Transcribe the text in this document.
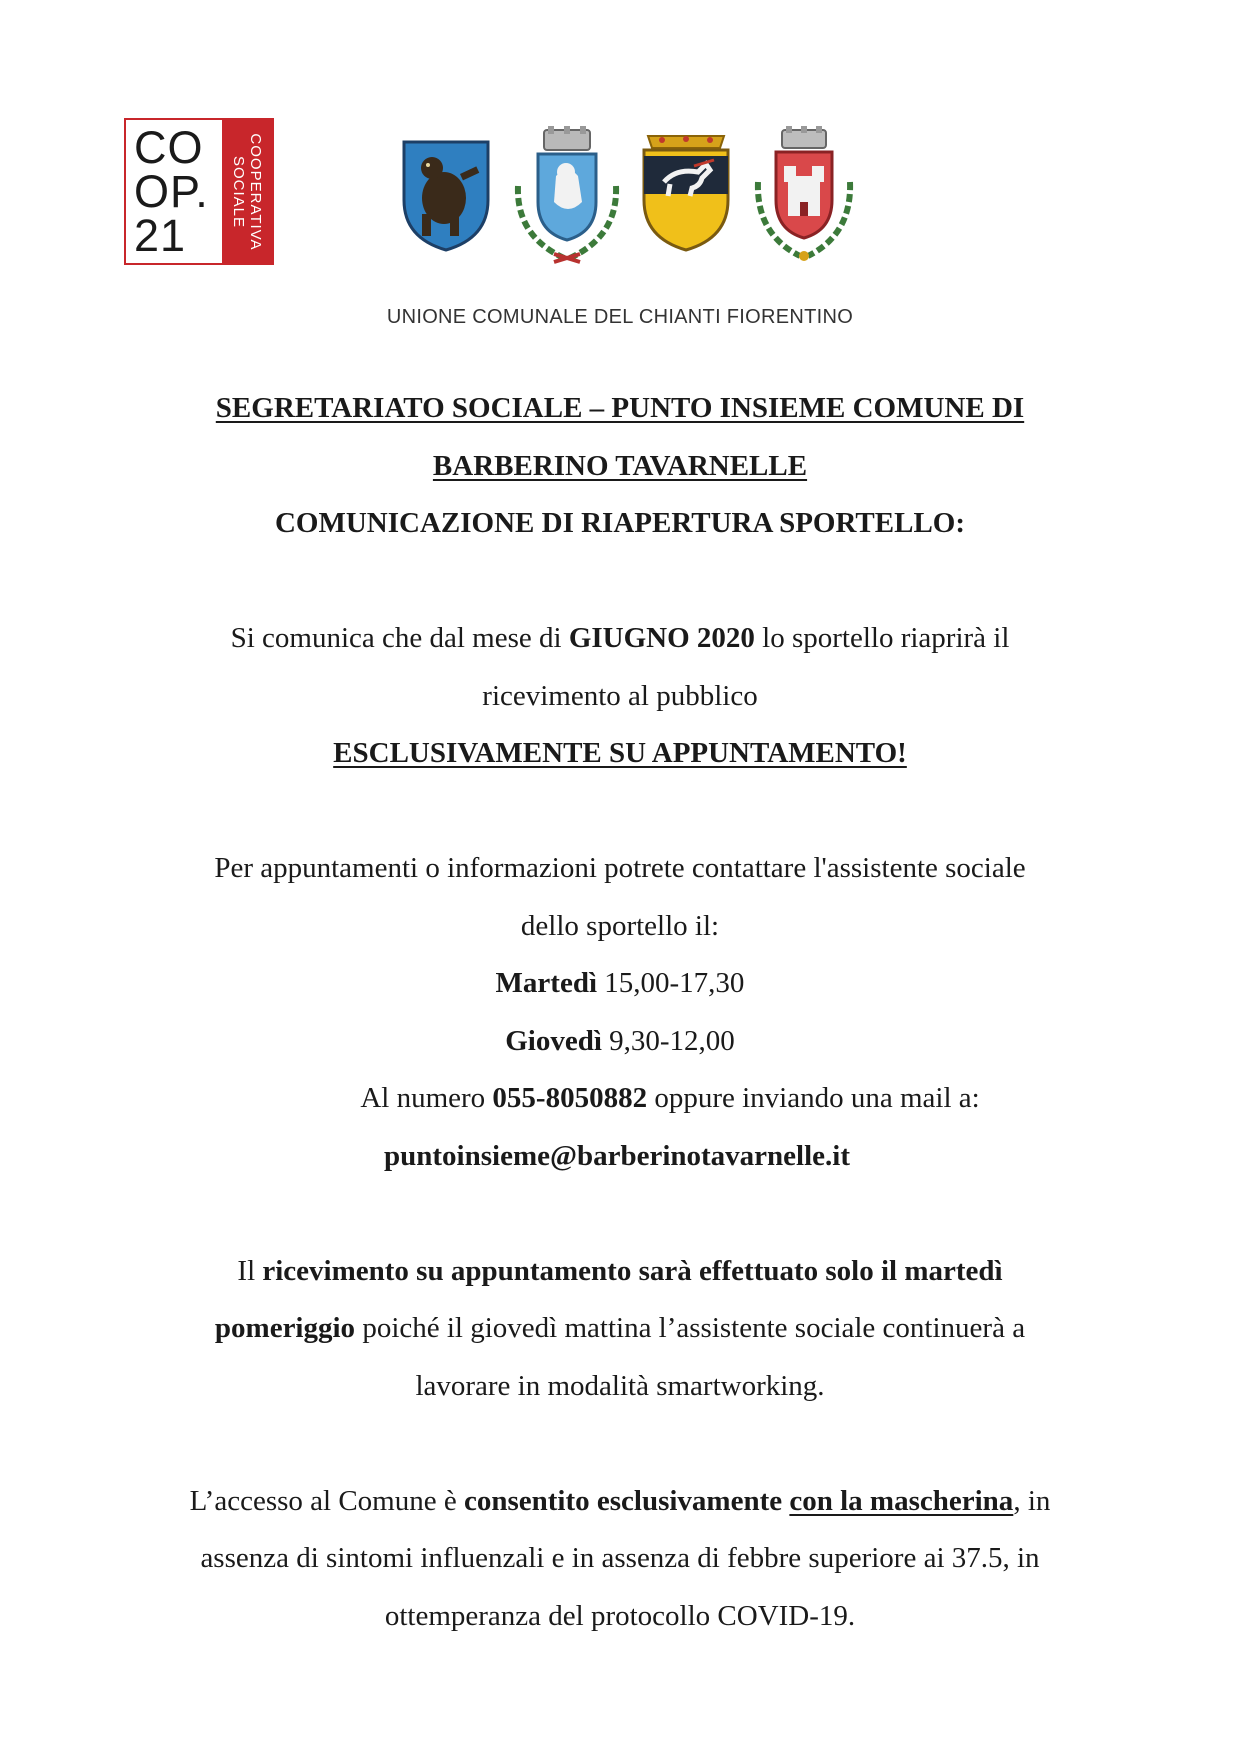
CO
OP.
21	COOPERATIVA
SOCIALE
UNIONE COMUNALE DEL CHIANTI FIORENTINO
SEGRETARIATO SOCIALE – PUNTO INSIEME COMUNE DI
BARBERINO TAVARNELLE
COMUNICAZIONE DI RIAPERTURA SPORTELLO:
Si comunica che dal mese di GIUGNO 2020 lo sportello riaprirà il
ricevimento al pubblico
ESCLUSIVAMENTE SU APPUNTAMENTO!
Per appuntamenti o informazioni potrete contattare l'assistente sociale
dello sportello il:
Martedì 15,00-17,30
Giovedì 9,30-12,00
Al numero 055-8050882 oppure inviando una mail a:
puntoinsieme@barberinotavarnelle.it
Il ricevimento su appuntamento sarà effettuato solo il martedì
pomeriggio poiché il giovedì mattina l’assistente sociale continuerà a
lavorare in modalità smartworking.
L’accesso al Comune è consentito esclusivamente con la mascherina, in
assenza di sintomi influenzali e in assenza di febbre superiore ai 37.5, in
ottemperanza del protocollo COVID-19.
